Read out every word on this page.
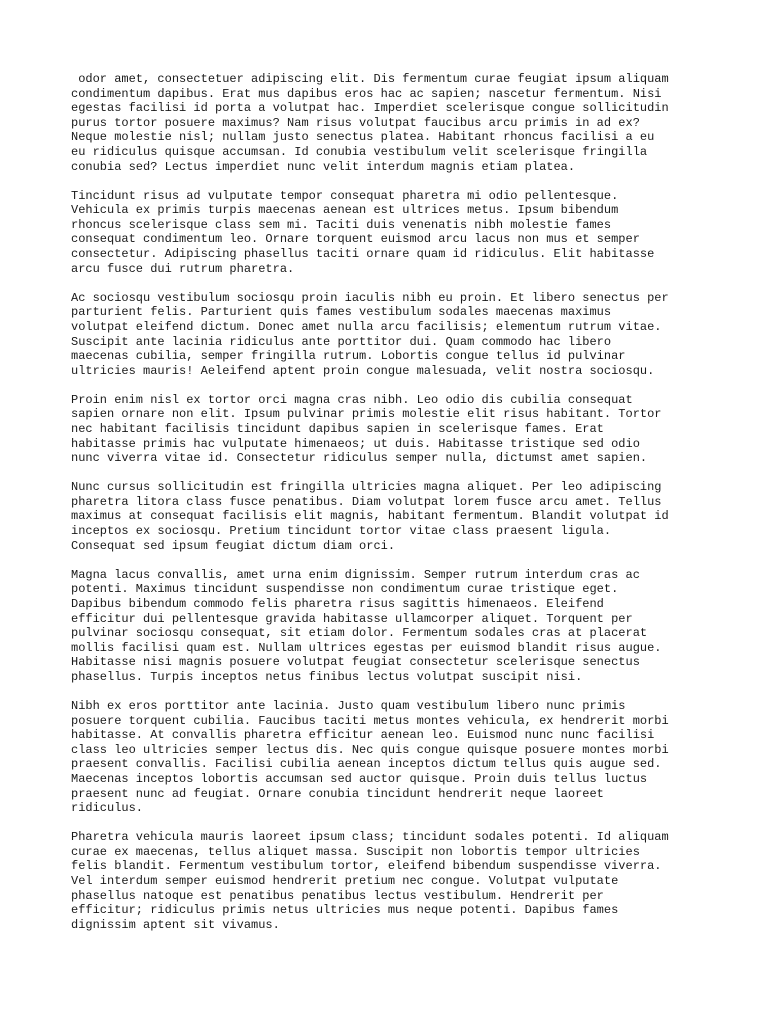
odor amet, consectetuer adipiscing elit. Dis fermentum curae feugiat ipsum aliquam
condimentum dapibus. Erat mus dapibus eros hac ac sapien; nascetur fermentum. Nisi
egestas facilisi id porta a volutpat hac. Imperdiet scelerisque congue sollicitudin
purus tortor posuere maximus? Nam risus volutpat faucibus arcu primis in ad ex?
Neque molestie nisl; nullam justo senectus platea. Habitant rhoncus facilisi a eu
eu ridiculus quisque accumsan. Id conubia vestibulum velit scelerisque fringilla
conubia sed? Lectus imperdiet nunc velit interdum magnis etiam platea.

Tincidunt risus ad vulputate tempor consequat pharetra mi odio pellentesque.
Vehicula ex primis turpis maecenas aenean est ultrices metus. Ipsum bibendum
rhoncus scelerisque class sem mi. Taciti duis venenatis nibh molestie fames
consequat condimentum leo. Ornare torquent euismod arcu lacus non mus et semper
consectetur. Adipiscing phasellus taciti ornare quam id ridiculus. Elit habitasse
arcu fusce dui rutrum pharetra.

Ac sociosqu vestibulum sociosqu proin iaculis nibh eu proin. Et libero senectus per
parturient felis. Parturient quis fames vestibulum sodales maecenas maximus
volutpat eleifend dictum. Donec amet nulla arcu facilisis; elementum rutrum vitae.
Suscipit ante lacinia ridiculus ante porttitor dui. Quam commodo hac libero
maecenas cubilia, semper fringilla rutrum. Lobortis congue tellus id pulvinar
ultricies mauris! Aeleifend aptent proin congue malesuada, velit nostra sociosqu.

Proin enim nisl ex tortor orci magna cras nibh. Leo odio dis cubilia consequat
sapien ornare non elit. Ipsum pulvinar primis molestie elit risus habitant. Tortor
nec habitant facilisis tincidunt dapibus sapien in scelerisque fames. Erat
habitasse primis hac vulputate himenaeos; ut duis. Habitasse tristique sed odio
nunc viverra vitae id. Consectetur ridiculus semper nulla, dictumst amet sapien.

Nunc cursus sollicitudin est fringilla ultricies magna aliquet. Per leo adipiscing
pharetra litora class fusce penatibus. Diam volutpat lorem fusce arcu amet. Tellus
maximus at consequat facilisis elit magnis, habitant fermentum. Blandit volutpat id
inceptos ex sociosqu. Pretium tincidunt tortor vitae class praesent ligula.
Consequat sed ipsum feugiat dictum diam orci.

Magna lacus convallis, amet urna enim dignissim. Semper rutrum interdum cras ac
potenti. Maximus tincidunt suspendisse non condimentum curae tristique eget.
Dapibus bibendum commodo felis pharetra risus sagittis himenaeos. Eleifend
efficitur dui pellentesque gravida habitasse ullamcorper aliquet. Torquent per
pulvinar sociosqu consequat, sit etiam dolor. Fermentum sodales cras at placerat
mollis facilisi quam est. Nullam ultrices egestas per euismod blandit risus augue.
Habitasse nisi magnis posuere volutpat feugiat consectetur scelerisque senectus
phasellus. Turpis inceptos netus finibus lectus volutpat suscipit nisi.

Nibh ex eros porttitor ante lacinia. Justo quam vestibulum libero nunc primis
posuere torquent cubilia. Faucibus taciti metus montes vehicula, ex hendrerit morbi
habitasse. At convallis pharetra efficitur aenean leo. Euismod nunc nunc facilisi
class leo ultricies semper lectus dis. Nec quis congue quisque posuere montes morbi
praesent convallis. Facilisi cubilia aenean inceptos dictum tellus quis augue sed.
Maecenas inceptos lobortis accumsan sed auctor quisque. Proin duis tellus luctus
praesent nunc ad feugiat. Ornare conubia tincidunt hendrerit neque laoreet
ridiculus.

Pharetra vehicula mauris laoreet ipsum class; tincidunt sodales potenti. Id aliquam
curae ex maecenas, tellus aliquet massa. Suscipit non lobortis tempor ultricies
felis blandit. Fermentum vestibulum tortor, eleifend bibendum suspendisse viverra.
Vel interdum semper euismod hendrerit pretium nec congue. Volutpat vulputate
phasellus natoque est penatibus penatibus lectus vestibulum. Hendrerit per
efficitur; ridiculus primis netus ultricies mus neque potenti. Dapibus fames
dignissim aptent sit vivamus.
